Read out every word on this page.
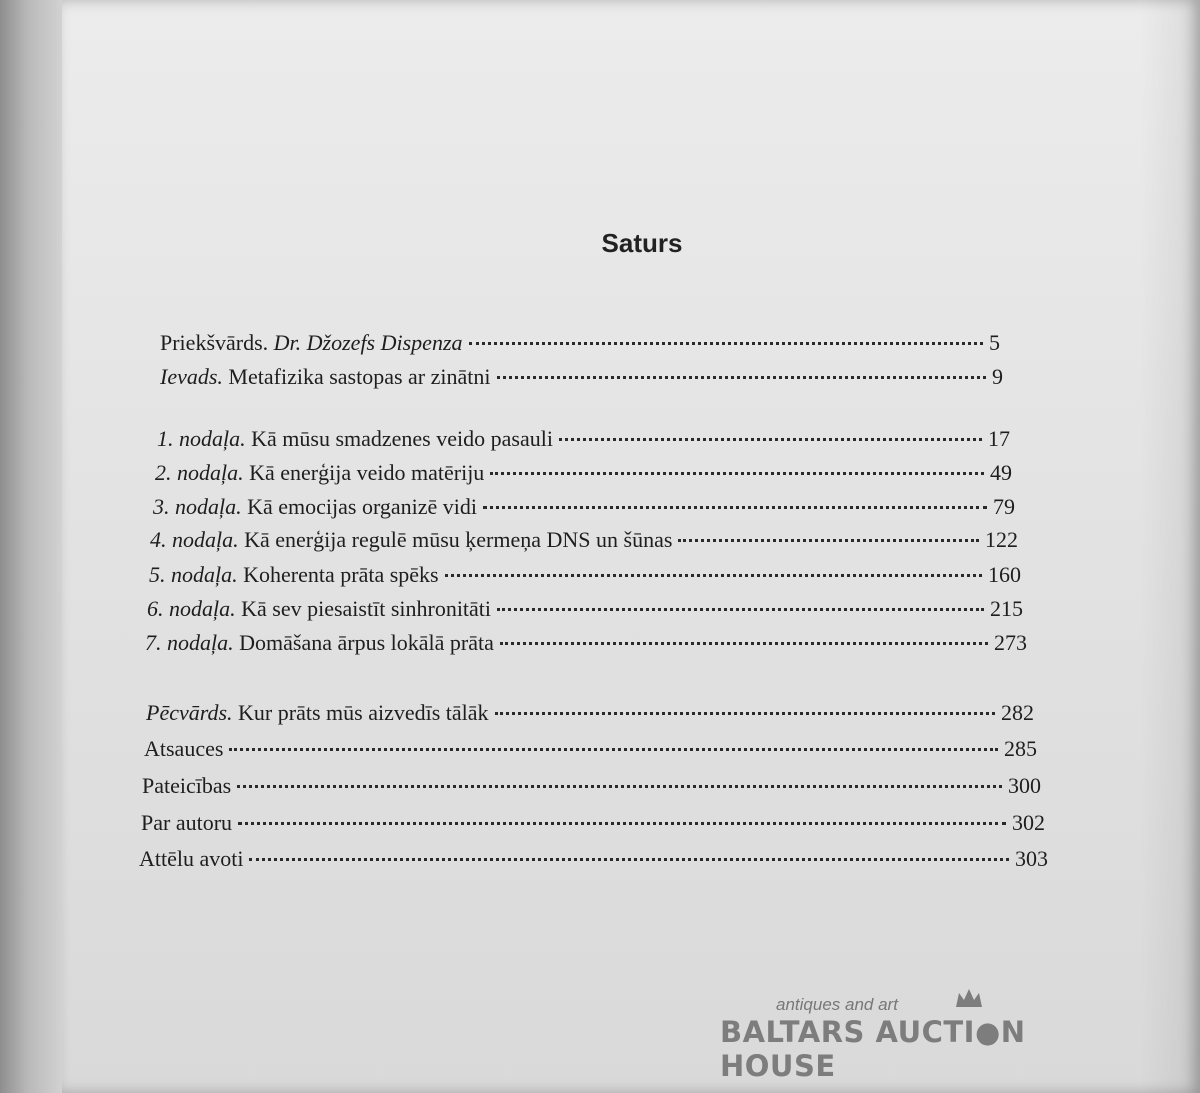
Saturs
Priekšvārds. Dr. Džozefs Dispenza	5
Ievads. Metafizika sastopas ar zinātni	9
1. nodaļa. Kā mūsu smadzenes veido pasauli	17
2. nodaļa. Kā enerģija veido matēriju	49
3. nodaļa. Kā emocijas organizē vidi	79
4. nodaļa. Kā enerģija regulē mūsu ķermeņa DNS un šūnas	122
5. nodaļa. Koherenta prāta spēks	160
6. nodaļa. Kā sev piesaistīt sinhronitāti	215
7. nodaļa. Domāšana ārpus lokālā prāta	273
Pēcvārds. Kur prāts mūs aizvedīs tālāk	282
Atsauces	285
Pateicības	300
Par autoru	302
Attēlu avoti	303
antiques and art
BALTARS AUCTI●N HOUSE
